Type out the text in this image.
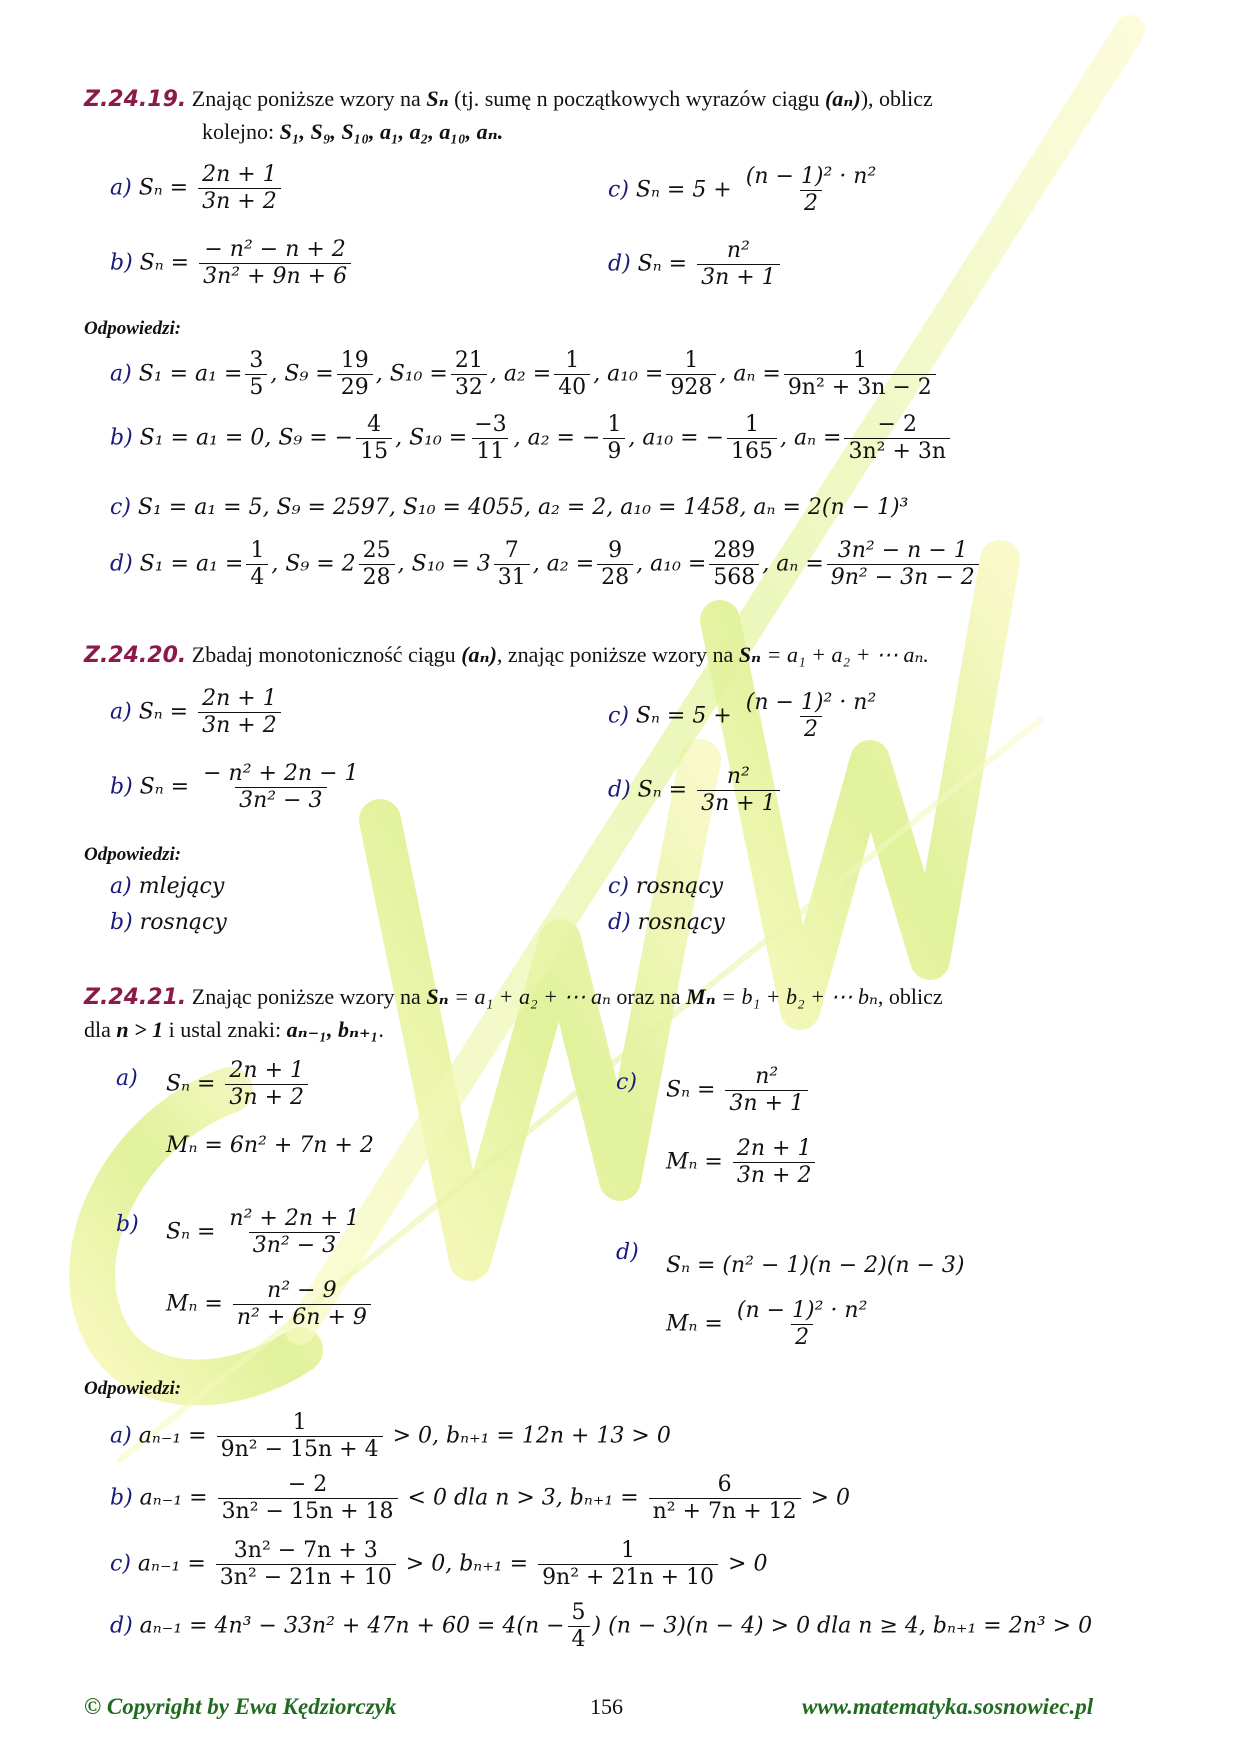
Z.24.19. Znając poniższe wzory na Sₙ (tj. sumę n początkowych wyrazów ciągu (aₙ)), oblicz
kolejno: S₁, S₉, S₁₀, a₁, a₂, a₁₀, aₙ.
a) $S_n = \frac{2n + 1}{3n + 2}$
b) $S_n = \frac{\text{− n² − n + 2}}{\text{3n² + 9n + 6}}$
c) $S_n = 5 + \frac{\text{(n − 1)² · n²}}{2}$
d) $S_n = \frac{\text{n²}}{3n + 1}$
Odpowiedzi:
a) $S_1 = a_1 = \frac{3}{5}$ , $S_9 = \frac{19}{29}$ , $S_{10} = \frac{21}{32}$ , $a_2 = \frac{1}{40}$ , $a_{10} = \frac{1}{928}$ , $a_n = \frac{1}{\text{9n² + 3n − 2}}$
b) S₁ = a₁ = 0, S₉ = − $\frac{4}{15}$ , $S_{10} = \frac{-3}{11}$ , a₂ = − $\frac{1}{9}$ , a₁₀ = − $\frac{1}{165}$ , $a_n = \frac{- 2}{\text{3n² + 3n}}$
c) S₁ = a₁ = 5, S₉ = 2597, S₁₀ = 4055, a₂ = 2, a₁₀ = 1458, aₙ = 2(n − 1)³
d) $S_1 = a_1 = \frac{1}{4}$ , $S_9 = 2 \frac{25}{28}$ , $S_{10} = 3 \frac{7}{31}$ , $a_2 = \frac{9}{28}$ , $a_{10} = \frac{289}{568}$ , $a_n = \frac{\text{3n² − n − 1}}{\text{9n² − 3n − 2}}$
Z.24.20. Zbadaj monotoniczność ciągu (aₙ), znając poniższe wzory na Sₙ = a₁ + a₂ + ⋯ aₙ.
a) $S_n = \frac{2n + 1}{3n + 2}$
b) $S_n = \frac{\text{− n² + 2n − 1}}{\text{3n² − 3}}$
c) $S_n = 5 + \frac{\text{(n − 1)² · n²}}{2}$
d) $S_n = \frac{\text{n²}}{3n + 1}$
Odpowiedzi:
a) mlejący
b) rosnący
c) rosnący
d) rosnący
Z.24.21. Znając poniższe wzory na Sₙ = a₁ + a₂ + ⋯ aₙ oraz na Mₙ = b₁ + b₂ + ⋯ bₙ, oblicz
dla n > 1 i ustal znaki: aₙ₋₁, bₙ₊₁.
a) $S_n = \frac{2n + 1}{3n + 2}$
Mₙ = 6n² + 7n + 2
b) $S_n = \frac{\text{n² + 2n + 1}}{\text{3n² − 3}}$
$M_n = \frac{\text{n² − 9}}{\text{n² + 6n + 9}}$
c) $S_n = \frac{\text{n²}}{3n + 1}$
$M_n = \frac{2n + 1}{3n + 2}$
d)
Sₙ = (n² − 1)(n − 2)(n − 3)
$M_n = \frac{\text{(n − 1)² · n²}}{2}$
Odpowiedzi:
a) $a_{n-1} = \frac{1}{\text{9n² − 15n + 4}} > 0$, bₙ₊₁ = 12n + 13 > 0
b) $a_{n-1} = \frac{- 2}{\text{3n² − 15n + 18}} < 0$ dla n > 3, $b_{n+1} = \frac{6}{\text{n² + 7n + 12}} > 0$
c) $a_{n-1} = \frac{\text{3n² − 7n + 3}}{\text{3n² − 21n + 10}} > 0$, $b_{n+1} = \frac{1}{\text{9n² + 21n + 10}} > 0$
d) $a_{n-1} = 4n^3 - 33n^2 + 47n + 60 = 4(n - \frac{5}{4}$ ) (n − 3)(n − 4) > 0 dla n ≥ 4, bₙ₊₁ = 2n³ > 0
© Copyright by Ewa Kędziorczyk	156	www.matematyka.sosnowiec.pl
